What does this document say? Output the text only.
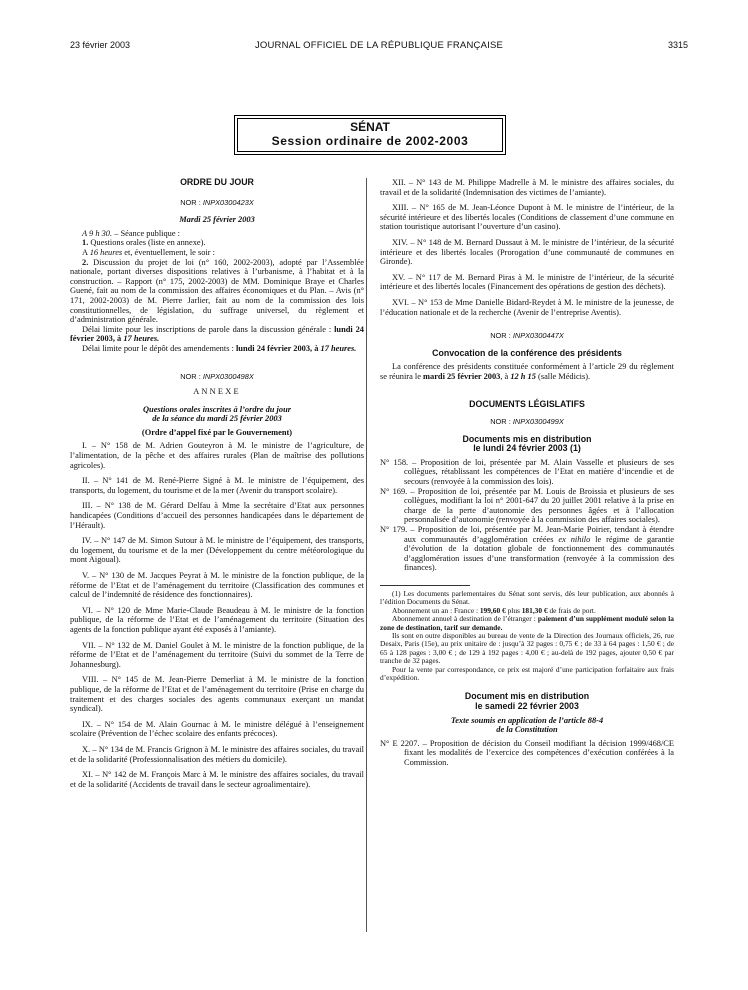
23 février 2003	JOURNAL OFFICIEL DE LA RÉPUBLIQUE FRANÇAISE	3315
SÉNAT
Session ordinaire de 2002-2003
ORDRE DU JOUR
NOR : INPX0300423X
Mardi 25 février 2003

A 9 h 30. – Séance publique :

1. Questions orales (liste en annexe).

A 16 heures et, éventuellement, le soir :

2. Discussion du projet de loi (n° 160, 2002-2003), adopté par l’Assemblée nationale, portant diverses dispositions relatives à l’urbanisme, à l’habitat et à la construction. – Rapport (n° 175, 2002-2003) de MM. Dominique Braye et Charles Guené, fait au nom de la commission des affaires économiques et du Plan. – Avis (n° 171, 2002-2003) de M. Pierre Jarlier, fait au nom de la commission des lois constitutionnelles, de législation, du suffrage universel, du règlement et d’administration générale.

Délai limite pour les inscriptions de parole dans la discussion générale : lundi 24 février 2003, à 17 heures.

Délai limite pour le dépôt des amendements : lundi 24 février 2003, à 17 heures.

NOR : INPX0300498X
ANNEXE
Questions orales inscrites à l’ordre du jour
de la séance du mardi 25 février 2003
(Ordre d’appel fixé par le Gouvernement)

I. – N° 158 de M. Adrien Gouteyron à M. le ministre de l’agriculture, de l’alimentation, de la pêche et des affaires rurales (Plan de maîtrise des pollutions agricoles).

II. – N° 141 de M. René-Pierre Signé à M. le ministre de l’équipement, des transports, du logement, du tourisme et de la mer (Avenir du transport scolaire).

III. – N° 138 de M. Gérard Delfau à Mme la secrétaire d’Etat aux personnes handicapées (Conditions d’accueil des personnes handicapées dans le département de l’Hérault).

IV. – N° 147 de M. Simon Sutour à M. le ministre de l’équipement, des transports, du logement, du tourisme et de la mer (Développement du centre météorologique du mont Aigoual).

V. – N° 130 de M. Jacques Peyrat à M. le ministre de la fonction publique, de la réforme de l’Etat et de l’aménagement du territoire (Classification des communes et calcul de l’indemnité de résidence des fonctionnaires).

VI. – N° 120 de Mme Marie-Claude Beaudeau à M. le ministre de la fonction publique, de la réforme de l’Etat et de l’aménagement du territoire (Situation des agents de la fonction publique ayant été exposés à l’amiante).

VII. – N° 132 de M. Daniel Goulet à M. le ministre de la fonction publique, de la réforme de l’Etat et de l’aménagement du territoire (Suivi du sommet de la Terre de Johannesburg).

VIII. – N° 145 de M. Jean-Pierre Demerliat à M. le ministre de la fonction publique, de la réforme de l’Etat et de l’aménagement du territoire (Prise en charge du traitement et des charges sociales des agents communaux exerçant un mandat syndical).

IX. – N° 154 de M. Alain Gournac à M. le ministre délégué à l’enseignement scolaire (Prévention de l’échec scolaire des enfants précoces).

X. – N° 134 de M. Francis Grignon à M. le ministre des affaires sociales, du travail et de la solidarité (Professionnalisation des métiers du domicile).

XI. – N° 142 de M. François Marc à M. le ministre des affaires sociales, du travail et de la solidarité (Accidents de travail dans le secteur agroalimentaire).

XII. – N° 143 de M. Philippe Madrelle à M. le ministre des affaires sociales, du travail et de la solidarité (Indemnisation des victimes de l’amiante).

XIII. – N° 165 de M. Jean-Léonce Dupont à M. le ministre de l’intérieur, de la sécurité intérieure et des libertés locales (Conditions de classement d’une commune en station touristique autorisant l’ouverture d’un casino).

XIV. – N° 148 de M. Bernard Dussaut à M. le ministre de l’intérieur, de la sécurité intérieure et des libertés locales (Prorogation d’une communauté de communes en Gironde).

XV. – N° 117 de M. Bernard Piras à M. le ministre de l’intérieur, de la sécurité intérieure et des libertés locales (Financement des opérations de gestion des déchets).

XVI. – N° 153 de Mme Danielle Bidard-Reydet à M. le ministre de la jeunesse, de l’éducation nationale et de la recherche (Avenir de l’entreprise Aventis).

NOR : INPX0300447X
Convocation de la conférence des présidents

La conférence des présidents constituée conformément à l’article 29 du règlement se réunira le mardi 25 février 2003, à 12 h 15 (salle Médicis).

DOCUMENTS LÉGISLATIFS
NOR : INPX0300499X
Documents mis en distribution
le lundi 24 février 2003 (1)

N° 158. – Proposition de loi, présentée par M. Alain Vasselle et plusieurs de ses collègues, rétablissant les compétences de l’Etat en matière d’incendie et de secours (renvoyée à la commission des lois).

N° 169. – Proposition de loi, présentée par M. Louis de Broissia et plusieurs de ses collègues, modifiant la loi n° 2001-647 du 20 juillet 2001 relative à la prise en charge de la perte d’autonomie des personnes âgées et à l’allocation personnalisée d’autonomie (renvoyée à la commission des affaires sociales).

N° 179. – Proposition de loi, présentée par M. Jean-Marie Poirier, tendant à étendre aux communautés d’agglomération créées ex nihilo le régime de garantie d’évolution de la dotation globale de fonctionnement des communautés d’agglomération issues d’une transformation (renvoyée à la commission des finances).

(1) Les documents parlementaires du Sénat sont servis, dès leur publication, aux abonnés à l’édition Documents du Sénat.

Abonnement un an : France : 199,60 € plus 181,30 € de frais de port.

Abonnement annuel à destination de l’étranger : paiement d’un supplément modulé selon la zone de destination, tarif sur demande.

Ils sont en outre disponibles au bureau de vente de la Direction des Journaux officiels, 26, rue Desaix, Paris (15e), au prix unitaire de : jusqu’à 32 pages : 0,75 € ; de 33 à 64 pages : 1,50 € ; de 65 à 128 pages : 3,00 € ; de 129 à 192 pages : 4,00 € ; au-delà de 192 pages, ajouter 0,50 € par tranche de 32 pages.

Pour la vente par correspondance, ce prix est majoré d’une participation forfaitaire aux frais d’expédition.

Document mis en distribution
le samedi 22 février 2003
Texte soumis en application de l’article 88-4
de la Constitution

N° E 2207. – Proposition de décision du Conseil modifiant la décision 1999/468/CE fixant les modalités de l’exercice des compétences d’exécution conférées à la Commission.
